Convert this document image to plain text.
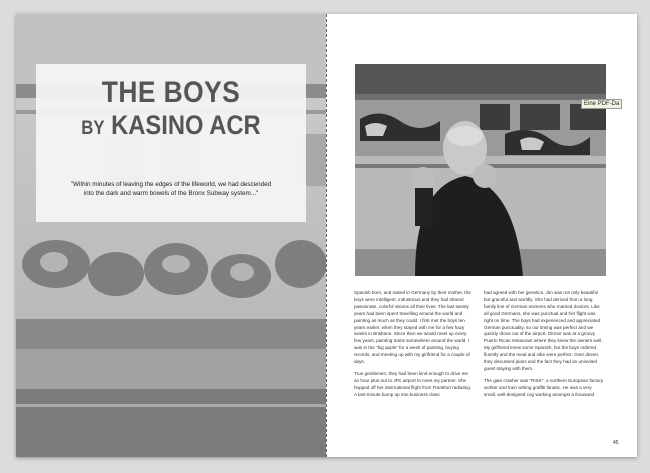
THE BOYS
BY KASINO ACR
"Within minutes of leaving the edges of the lifeworld, we had descended into the dark and warm bowels of the Bronx Subway system..."

Spanish born, and raised in Germany by their mother, the boys were intelligent, industrious and they had shared passionate, colorful visions all their lives. The last twenty years had been spent travelling around the world and painting as much as they could. I first met the boys ten years earlier, when they stayed with me for a few hazy weeks in Brisbane. Since then we would meet up every few years, painting trains somewhere around the world. I was in the "big apple" for a week of painting, buying records, and meeting up with my girlfriend for a couple of days.

True gentlemen, they had been kind enough to drive me an hour plus out to JFK airport to meet my partner. She hopped off her international flight from Frankfurt radiating. A last-minute bump up into business class

had agreed with her genetics. Jim was not only beautiful but graceful and worldly. She had derived from a long family line of German womens who married doctors. Like all good Germans, she was punctual and her flight was right on time. The boys had experienced and appreciated German punctuality, so our timing was perfect and we quickly drove out of the airport. Dinner was at a groovy Puerto Rican restaurant where they knew the owners well. My girlfriend knew some Spanish, but the boys ordered fluently and the meal and vibe were perfect. Over dinner, they discussed plans and the fact they had an uninvited guest staying with them.

The gate crasher was "RISK", a northern European factory worker and train writing graffiti fanatic. He was a very small, well-designed cog working amongst a thousand

45
Eine PDF-Da
